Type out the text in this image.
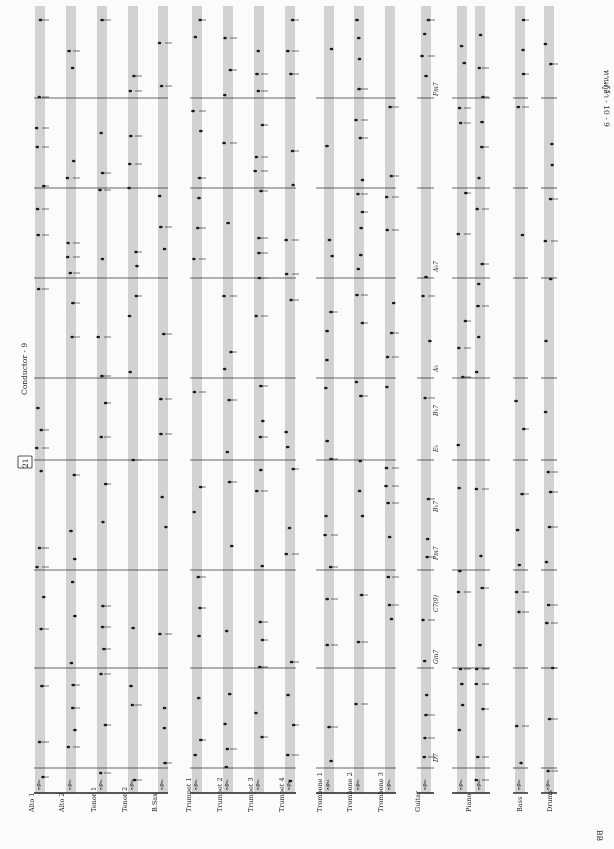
𝄞	𝄞	𝄞	𝄞	𝄞	𝄞	𝄞	𝄞	𝄞	𝄞	𝄞	𝄞	𝄞	𝄞 𝄞	𝄞	𝄞
Conductor - 9
21
ทานตู้ล้า - 10 - 9
BB
Alto 1	Alto 2	Tenor 1	Tenor 2	B.Sax	Trumpet 1	Trumpet 2	Trumpet 3	Trumpet 4	Trombone 1	Trombone 2	Trombone 3	Guitar	Piano	Bass	Drums
D7
Gm7
C7(9)
Fm7
B♭7
E♭
B♭7
A♭
A♭7
Fm7
